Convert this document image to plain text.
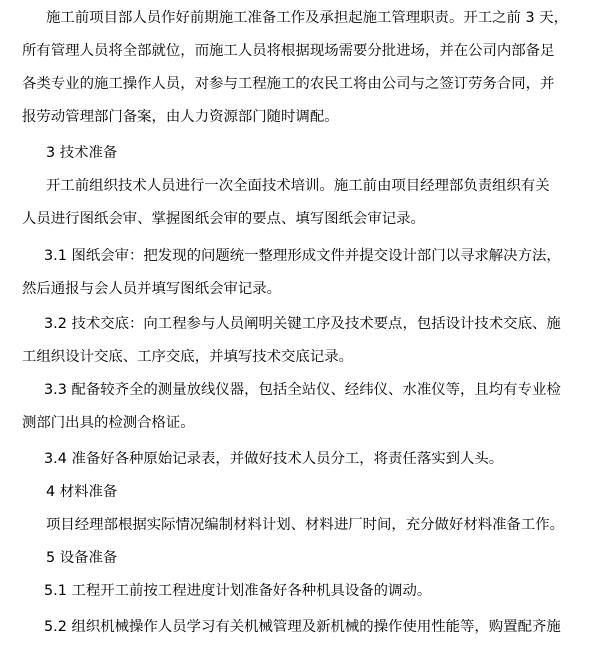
施工前项目部人员作好前期施工准备工作及承担起施工管理职责。开工之前 3 天，
所有管理人员将全部就位，而施工人员将根据现场需要分批进场，并在公司内部备足
各类专业的施工操作人员，对参与工程施工的农民工将由公司与之签订劳务合同，并
报劳动管理部门备案，由人力资源部门随时调配。
3 技术准备
开工前组织技术人员进行一次全面技术培训。施工前由项目经理部负责组织有关
人员进行图纸会审、掌握图纸会审的要点、填写图纸会审记录。
3.1 图纸会审：把发现的问题统一整理形成文件并提交设计部门以寻求解决方法，
然后通报与会人员并填写图纸会审记录。
3.2 技术交底：向工程参与人员阐明关键工序及技术要点，包括设计技术交底、施
工组织设计交底、工序交底，并填写技术交底记录。
3.3 配备较齐全的测量放线仪器，包括全站仪、经纬仪、水准仪等，且均有专业检
测部门出具的检测合格证。
3.4 准备好各种原始记录表，并做好技术人员分工，将责任落实到人头。
4 材料准备
项目经理部根据实际情况编制材料计划、材料进厂时间，充分做好材料准备工作。
5 设备准备
5.1 工程开工前按工程进度计划准备好各种机具设备的调动。
5.2 组织机械操作人员学习有关机械管理及新机械的操作使用性能等，购置配齐施
